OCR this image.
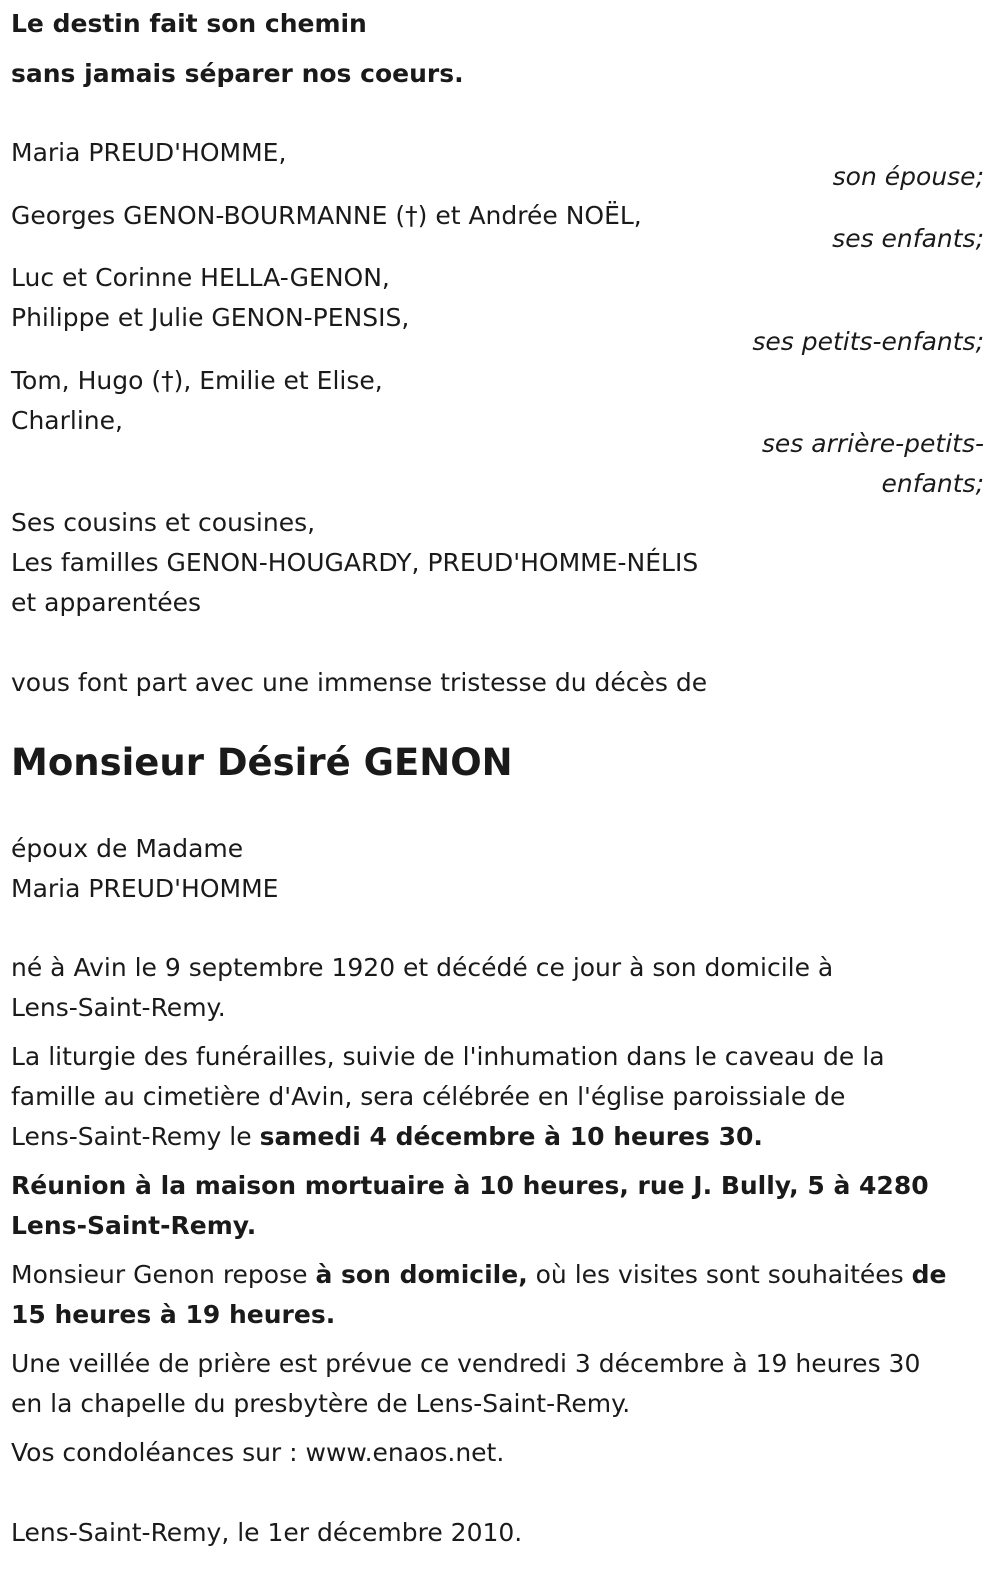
Le destin fait son chemin
sans jamais séparer nos coeurs.
Maria PREUD'HOMME,
son épouse;
Georges GENON-BOURMANNE (†) et Andrée NOËL,
ses enfants;
Luc et Corinne HELLA-GENON,
Philippe et Julie GENON-PENSIS,
ses petits-enfants;
Tom, Hugo (†), Emilie et Elise,
Charline,
ses arrière-petits-
enfants;
Ses cousins et cousines,
Les familles GENON-HOUGARDY, PREUD'HOMME-NÉLIS
et apparentées
vous font part avec une immense tristesse du décès de
Monsieur Désiré GENON
époux de Madame
Maria PREUD'HOMME
né à Avin le 9 septembre 1920 et décédé ce jour à son domicile à
Lens-Saint-Remy.
La liturgie des funérailles, suivie de l'inhumation dans le caveau de la
famille au cimetière d'Avin, sera célébrée en l'église paroissiale de
Lens-Saint-Remy le samedi 4 décembre à 10 heures 30.
Réunion à la maison mortuaire à 10 heures, rue J. Bully, 5 à 4280
Lens-Saint-Remy.
Monsieur Genon repose à son domicile, où les visites sont souhaitées de
15 heures à 19 heures.
Une veillée de prière est prévue ce vendredi 3 décembre à 19 heures 30
en la chapelle du presbytère de Lens-Saint-Remy.
Vos condoléances sur : www.enaos.net.
Lens-Saint-Remy, le 1er décembre 2010.
